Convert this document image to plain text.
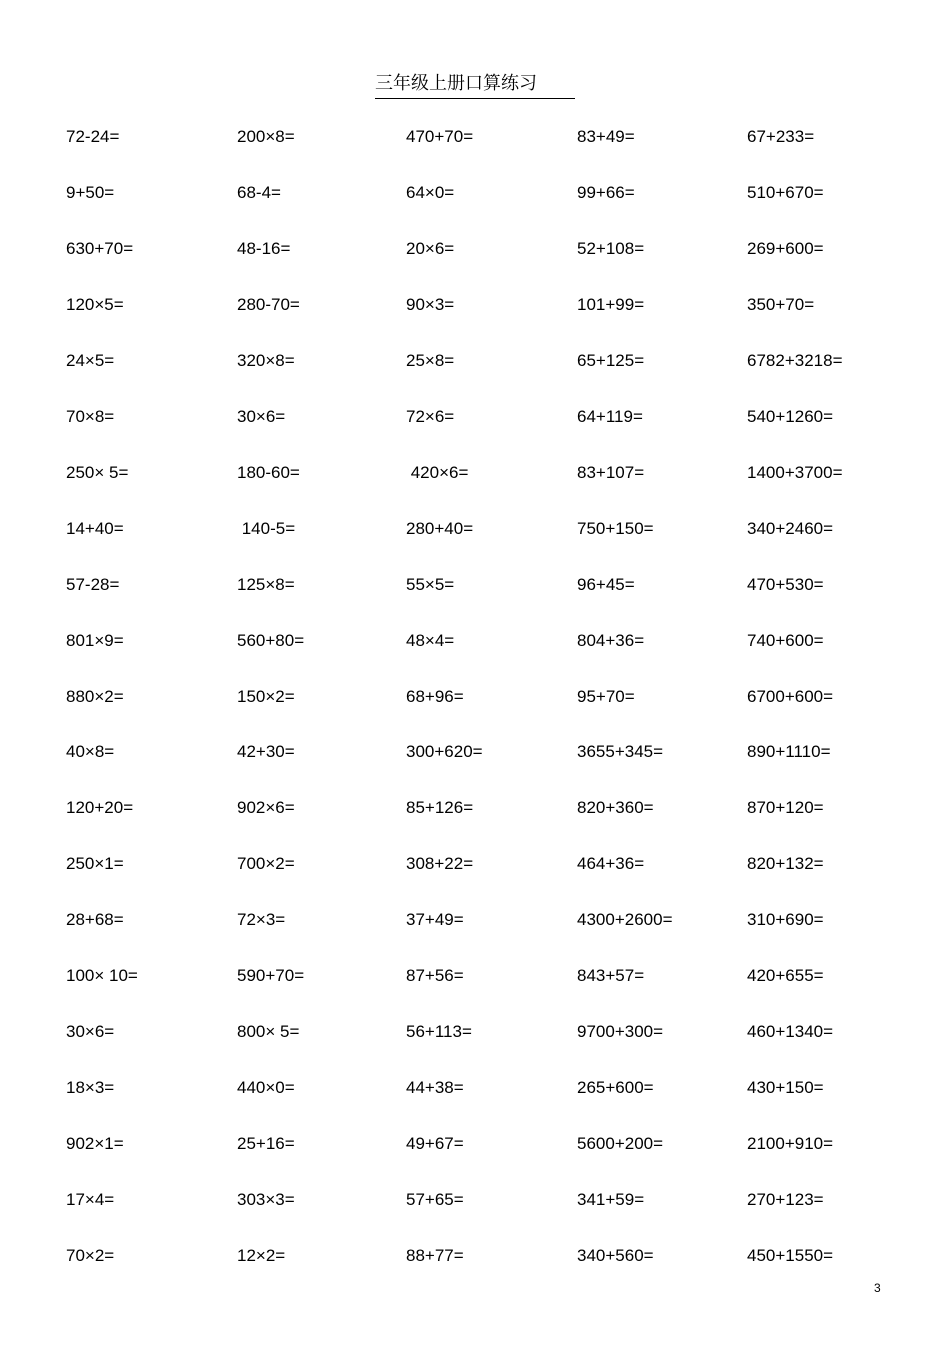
三年级上册口算练习
72-24=	200×8=	470+70=	83+49=	67+233=
9+50=	68-4=	64×0=	99+66=	510+670=
630+70=	48-16=	20×6=	52+108=	269+600=
120×5=	280-70=	90×3=	101+99=	350+70=
24×5=	320×8=	25×8=	65+125=	6782+3218=
70×8=	30×6=	72×6=	64+119=	540+1260=
250× 5=	180-60=	420×6=	83+107=	1400+3700=
14+40=	140-5=	280+40=	750+150=	340+2460=
57-28=	125×8=	55×5=	96+45=	470+530=
801×9=	560+80=	48×4=	804+36=	740+600=
880×2=	150×2=	68+96=	95+70=	6700+600=
40×8=	42+30=	300+620=	3655+345=	890+1110=
120+20=	902×6=	85+126=	820+360=	870+120=
250×1=	700×2=	308+22=	464+36=	820+132=
28+68=	72×3=	37+49=	4300+2600=	310+690=
100× 10=	590+70=	87+56=	843+57=	420+655=
30×6=	800× 5=	56+113=	9700+300=	460+1340=
18×3=	440×0=	44+38=	265+600=	430+150=
902×1=	25+16=	49+67=	5600+200=	2100+910=
17×4=	303×3=	57+65=	341+59=	270+123=
70×2=	12×2=	88+77=	340+560=	450+1550=
3
